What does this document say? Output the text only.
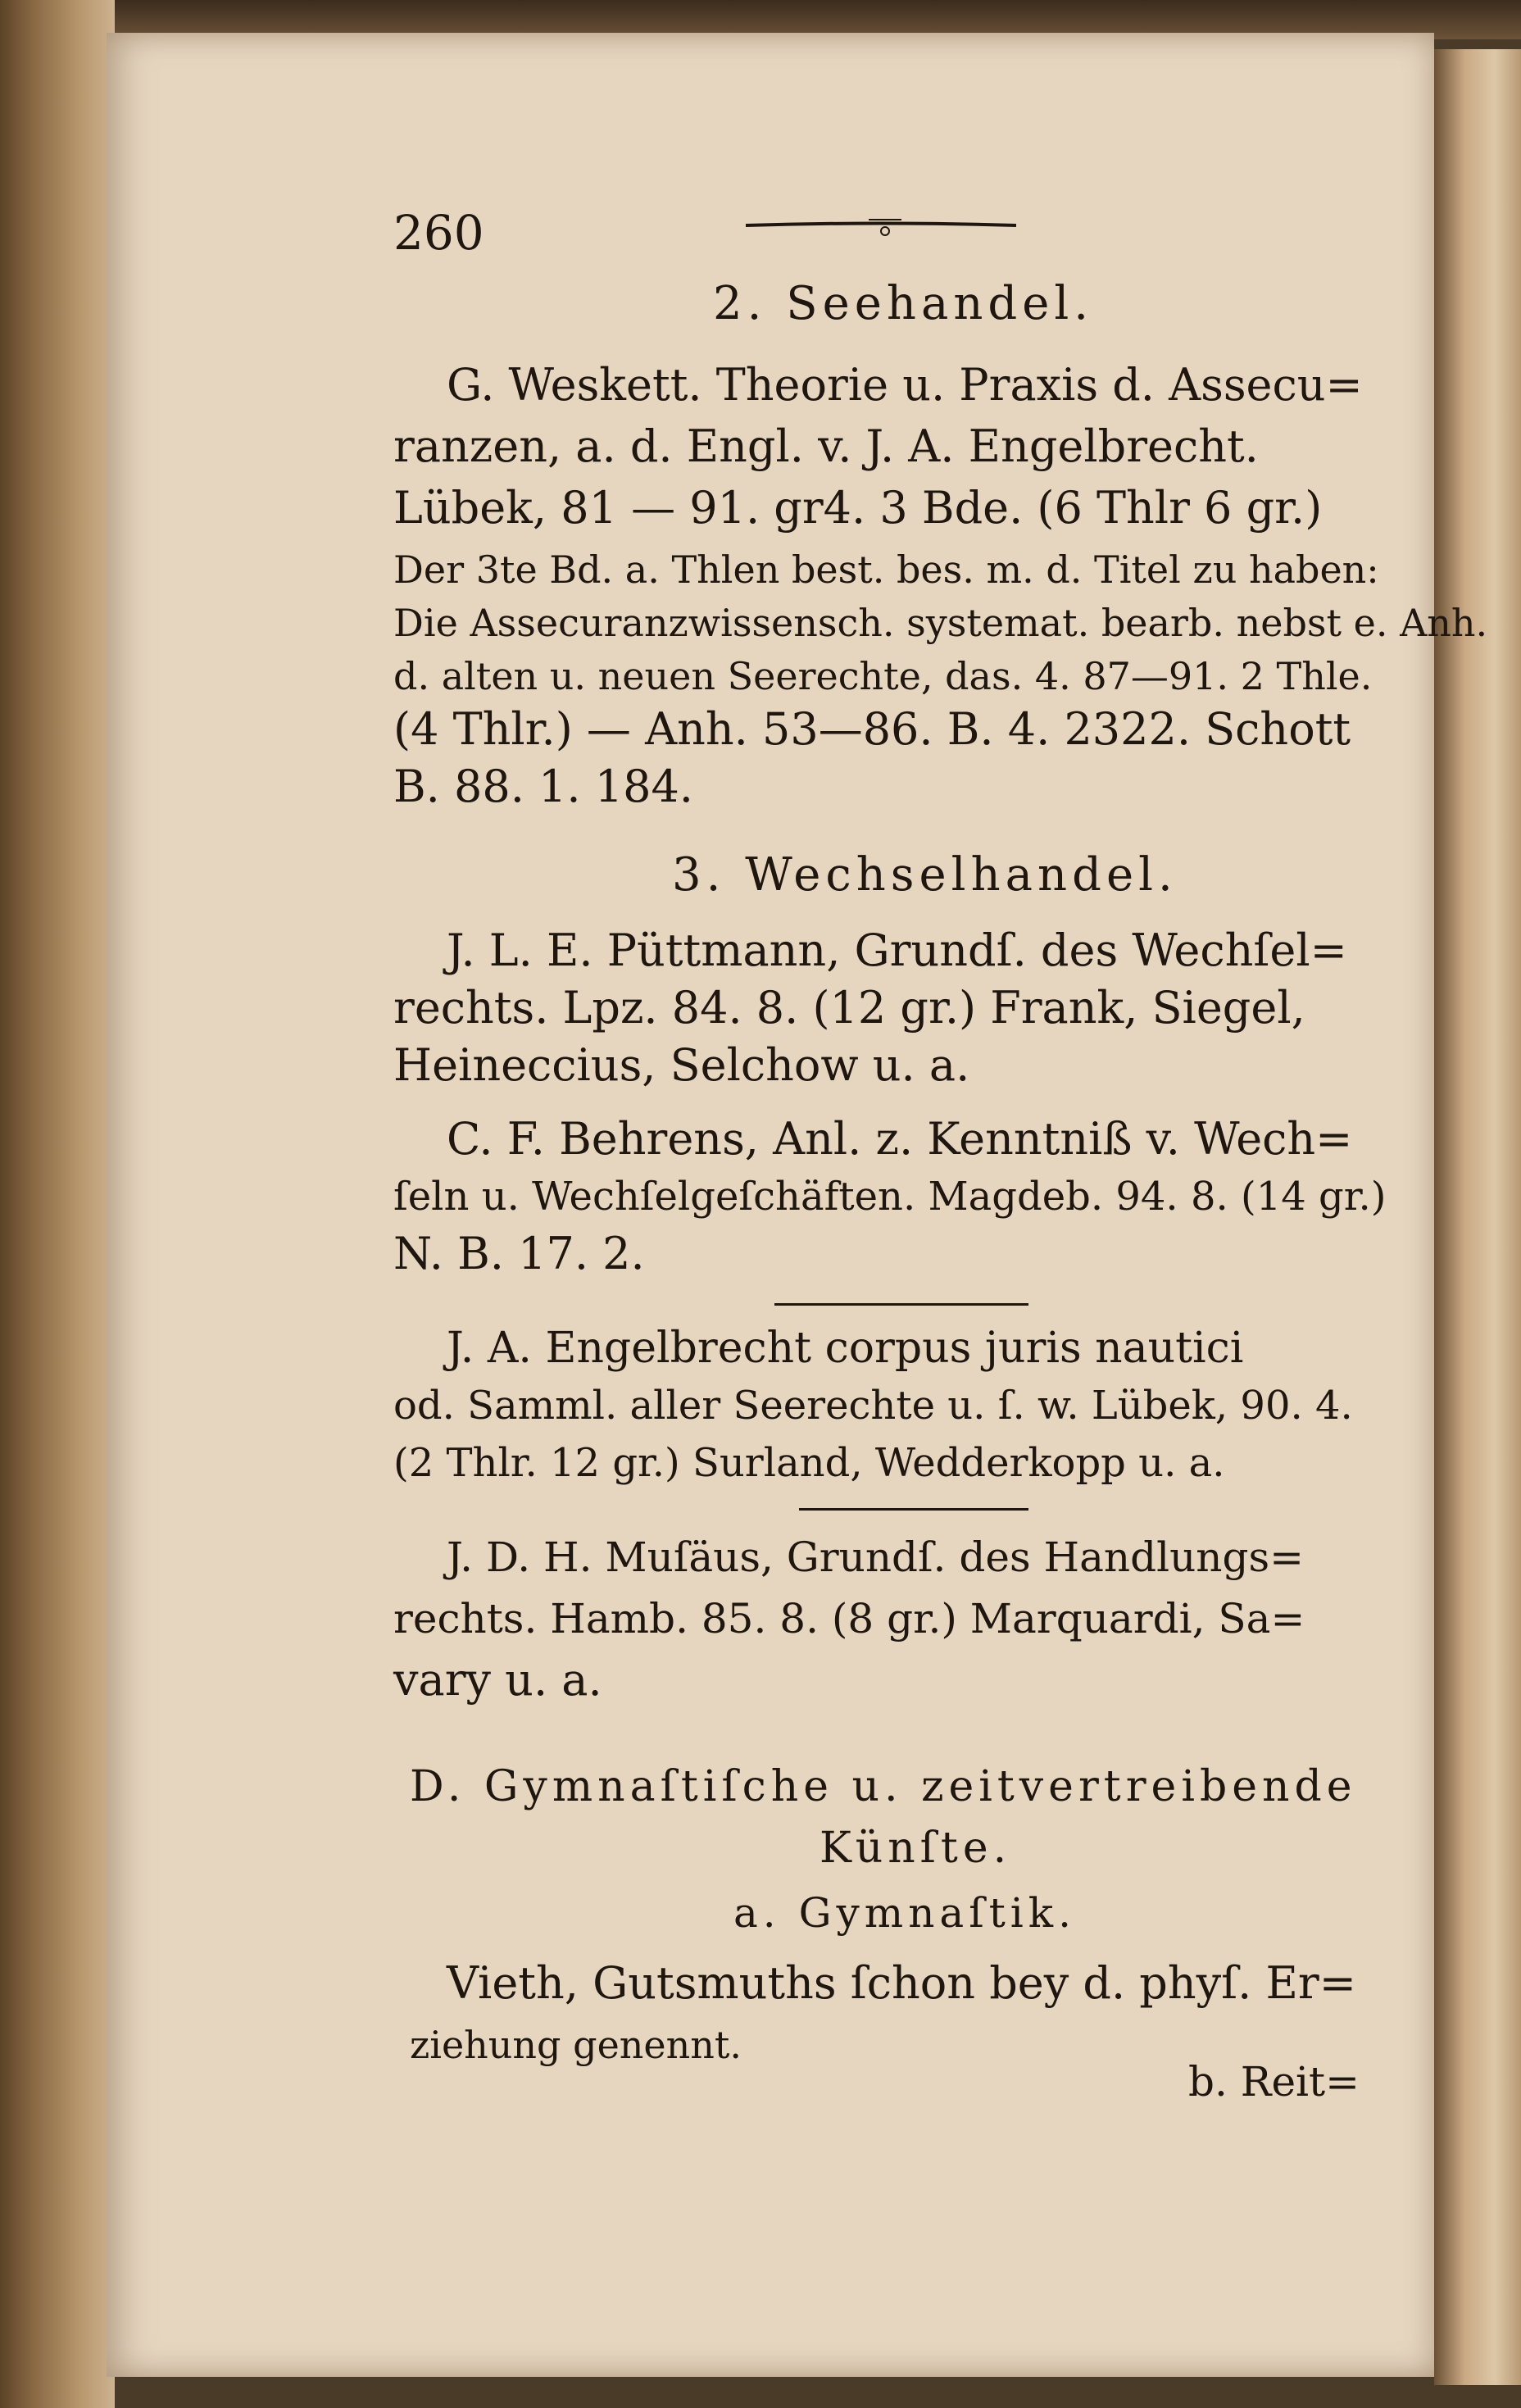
260
2. Seehandel.
G. Weskett. Theorie u. Praxis d. Assecu=
ranzen, a. d. Engl. v. J. A. Engelbrecht.
Lübek, 81 — 91. gr4. 3 Bde. (6 Thlr 6 gr.)
Der 3te Bd. a. Thlen best. bes. m. d. Titel zu haben:
Die Assecuranzwissensch. systemat. bearb. nebst e. Anh.
d. alten u. neuen Seerechte, das. 4. 87—91. 2 Thle.
(4 Thlr.) — Anh. 53—86. B. 4. 2322. Schott
B. 88. 1. 184.
3. Wechselhandel.
J. L. E. Püttmann, Grundſ. des Wechſel=
rechts. Lpz. 84. 8. (12 gr.) Frank, Siegel,
Heineccius, Selchow u. a.
C. F. Behrens, Anl. z. Kenntniß v. Wech=
ſeln u. Wechſelgeſchäften. Magdeb. 94. 8. (14 gr.)
N. B. 17. 2.
J. A. Engelbrecht corpus juris nautici
od. Samml. aller Seerechte u. ſ. w. Lübek, 90. 4.
(2 Thlr. 12 gr.) Surland, Wedderkopp u. a.
J. D. H. Muſäus, Grundſ. des Handlungs=
rechts. Hamb. 85. 8. (8 gr.) Marquardi, Sa=
vary u. a.
D. Gymnaſtiſche u. zeitvertreibende
Künſte.
a. Gymnaſtik.
Vieth, Gutsmuths ſchon bey d. phyſ. Er=
ziehung genennt.
b. Reit=
